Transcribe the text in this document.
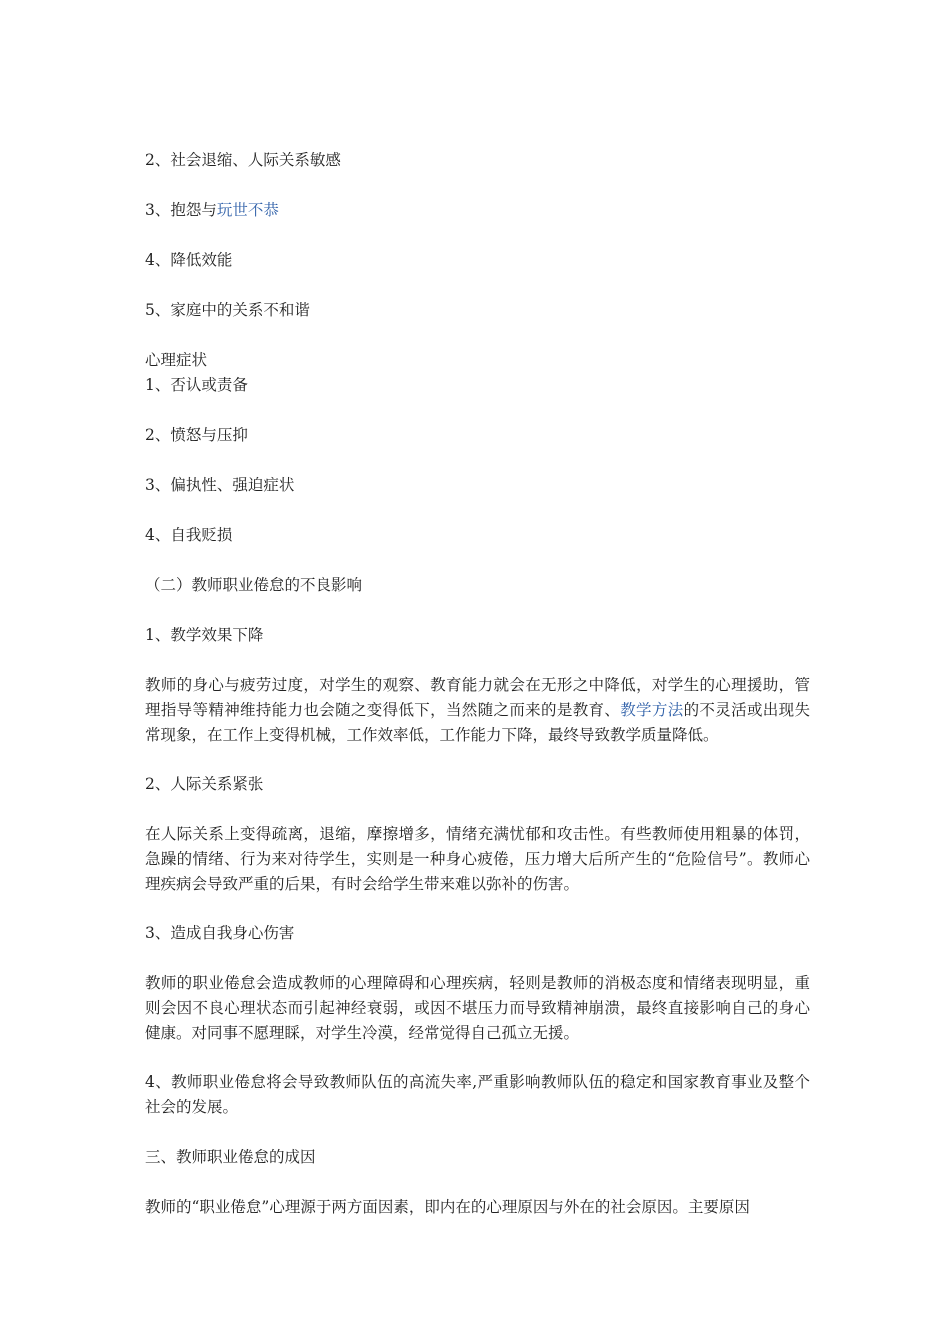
2、社会退缩、人际关系敏感
3、抱怨与玩世不恭
4、降低效能
5、家庭中的关系不和谐
心理症状
1、否认或责备
2、愤怒与压抑
3、偏执性、强迫症状
4、自我贬损
（二）教师职业倦怠的不良影响
1、教学效果下降
教师的身心与疲劳过度，对学生的观察、教育能力就会在无形之中降低，对学生的心理援助，管理指导等精神维持能力也会随之变得低下，当然随之而来的是教育、教学方法的不灵活或出现失常现象，在工作上变得机械，工作效率低，工作能力下降，最终导致教学质量降低。
2、人际关系紧张
在人际关系上变得疏离，退缩，摩擦增多，情绪充满忧郁和攻击性。有些教师使用粗暴的体罚，急躁的情绪、行为来对待学生，实则是一种身心疲倦，压力增大后所产生的“危险信号”。教师心理疾病会导致严重的后果，有时会给学生带来难以弥补的伤害。
3、造成自我身心伤害
教师的职业倦怠会造成教师的心理障碍和心理疾病，轻则是教师的消极态度和情绪表现明显，重则会因不良心理状态而引起神经衰弱，或因不堪压力而导致精神崩溃，最终直接影响自己的身心健康。对同事不愿理睬，对学生冷漠，经常觉得自己孤立无援。
4、教师职业倦怠将会导致教师队伍的高流失率,严重影响教师队伍的稳定和国家教育事业及整个社会的发展。
三、教师职业倦怠的成因
教师的“职业倦怠”心理源于两方面因素，即内在的心理原因与外在的社会原因。主要原因
